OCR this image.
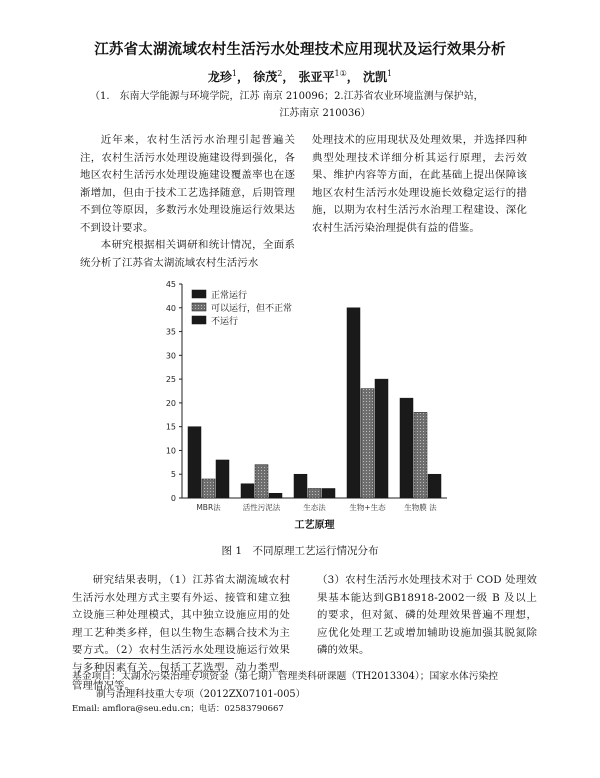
江苏省太湖流域农村生活污水处理技术应用现状及运行效果分析
龙珍$^1$， 徐茂$^2$， 张亚平$^{1①}$， 沈凯$^1$
（1.　东南大学能源与环境学院，江苏 南京 210096；2.江苏省农业环境监测与保护站，
江苏南京 210036）
近年来，农村生活污水治理引起普遍关注，农村生活污水处理设施建设得到强化，各地区农村生活污水处理设施建设覆盖率也在逐渐增加，但由于技术工艺选择随意，后期管理不到位等原因，多数污水处理设施运行效果达不到设计要求。
本研究根据相关调研和统计情况，全面系统分析了江苏省太湖流域农村生活污水
处理技术的应用现状及处理效果，并选择四种典型处理技术详细分析其运行原理，去污效果、维护内容等方面，在此基础上提出保障该地区农村生活污水处理设施长效稳定运行的措施，以期为农村生活污水治理工程建设、深化农村生活污染治理提供有益的借鉴。
0
5
10
15
20
25
30
35
40
45
MBR法	活性污泥法	生态法	生物+生态 生物膜 法
工艺原理
正常运行
可以运行，但不正常
不运行
图 1　不同原理工艺运行情况分布
研究结果表明，（1）江苏省太湖流域农村生活污水处理方式主要有外运、接管和建立独立设施三种处理模式，其中独立设施应用的处理工艺种类多样，但以生物生态耦合技术为主要方式。（2）农村生活污水处理设施运行效果与多种因素有关，包括工艺选型，动力类型，管理情况等。
（3）农村生活污水处理技术对于 COD 处理效果基本能达到GB18918-2002一级 B 及以上的要求，但对氮、磷的处理效果普遍不理想，应优化处理工艺或增加辅助设施加强其脱氮除磷的效果。
基金项目：太湖水污染治理专项资金（第七期）管理类科研课题（TH2013304）；国家水体污染控
制与治理科技重大专项（2012ZX07101-005）
Email: amflora@seu.edu.cn；电话：02583790667
